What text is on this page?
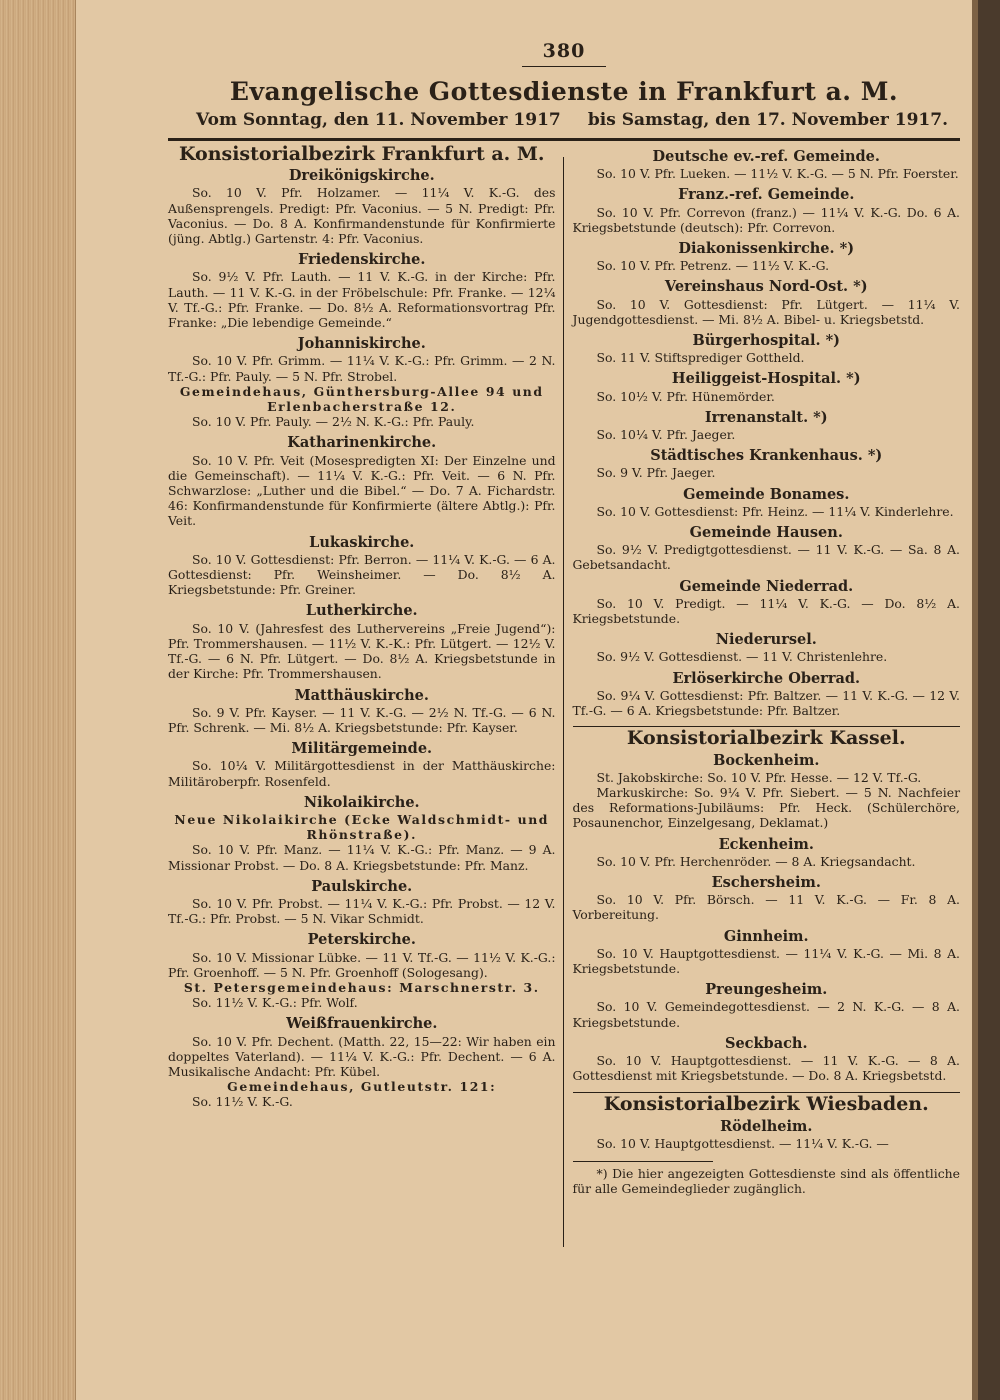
380
Evangelische Gottesdienste in Frankfurt a. M.
Vom Sonntag, den 11. November 1917 bis Samstag, den 17. November 1917.
Konsistorialbezirk Frankfurt a. M.
Dreikönigskirche.

So. 10 V. Pfr. Holzamer. — 11¼ V. K.-G. des Außensprengels. Predigt: Pfr. Vaconius. — 5 N. Predigt: Pfr. Vaconius. — Do. 8 A. Konfirmandenstunde für Konfirmierte (jüng. Abtlg.) Gartenstr. 4: Pfr. Vaconius.

Friedenskirche.

So. 9½ V. Pfr. Lauth. — 11 V. K.-G. in der Kirche: Pfr. Lauth. — 11 V. K.-G. in der Fröbelschule: Pfr. Franke. — 12¼ V. Tf.-G.: Pfr. Franke. — Do. 8½ A. Reformationsvortrag Pfr. Franke: „Die lebendige Gemeinde.“

Johanniskirche.

So. 10 V. Pfr. Grimm. — 11¼ V. K.-G.: Pfr. Grimm. — 2 N. Tf.-G.: Pfr. Pauly. — 5 N. Pfr. Strobel.

Gemeindehaus, Günthersburg-Allee 94 und Erlenbacherstraße 12.

So. 10 V. Pfr. Pauly. — 2½ N. K.-G.: Pfr. Pauly.

Katharinenkirche.

So. 10 V. Pfr. Veit (Mosespredigten XI: Der Einzelne und die Gemeinschaft). — 11¼ V. K.-G.: Pfr. Veit. — 6 N. Pfr. Schwarzlose: „Luther und die Bibel.“ — Do. 7 A. Fichardstr. 46: Konfirmandenstunde für Konfirmierte (ältere Abtlg.): Pfr. Veit.

Lukaskirche.

So. 10 V. Gottesdienst: Pfr. Berron. — 11¼ V. K.-G. — 6 A. Gottesdienst: Pfr. Weinsheimer. — Do. 8½ A. Kriegsbetstunde: Pfr. Greiner.

Lutherkirche.

So. 10 V. (Jahresfest des Luthervereins „Freie Jugend“): Pfr. Trommershausen. — 11½ V. K.-K.: Pfr. Lütgert. — 12½ V. Tf.-G. — 6 N. Pfr. Lütgert. — Do. 8½ A. Kriegsbetstunde in der Kirche: Pfr. Trommershausen.

Matthäuskirche.

So. 9 V. Pfr. Kayser. — 11 V. K.-G. — 2½ N. Tf.-G. — 6 N. Pfr. Schrenk. — Mi. 8½ A. Kriegsbetstunde: Pfr. Kayser.

Militärgemeinde.

So. 10¼ V. Militärgottesdienst in der Matthäuskirche: Militäroberpfr. Rosenfeld.

Nikolaikirche.
Neue Nikolaikirche (Ecke Waldschmidt- und Rhönstraße).

So. 10 V. Pfr. Manz. — 11¼ V. K.-G.: Pfr. Manz. — 9 A. Missionar Probst. — Do. 8 A. Kriegsbetstunde: Pfr. Manz.

Paulskirche.

So. 10 V. Pfr. Probst. — 11¼ V. K.-G.: Pfr. Probst. — 12 V. Tf.-G.: Pfr. Probst. — 5 N. Vikar Schmidt.

Peterskirche.

So. 10 V. Missionar Lübke. — 11 V. Tf.-G. — 11½ V. K.-G.: Pfr. Groenhoff. — 5 N. Pfr. Groenhoff (Sologesang).

St. Petersgemeindehaus: Marschnerstr. 3.

So. 11½ V. K.-G.: Pfr. Wolf.

Weißfrauenkirche.

So. 10 V. Pfr. Dechent. (Matth. 22, 15—22: Wir haben ein doppeltes Vaterland). — 11¼ V. K.-G.: Pfr. Dechent. — 6 A. Musikalische Andacht: Pfr. Kübel.

Gemeindehaus, Gutleutstr. 121:

So. 11½ V. K.-G.

Deutsche ev.-ref. Gemeinde.

So. 10 V. Pfr. Lueken. — 11½ V. K.-G. — 5 N. Pfr. Foerster.

Franz.-ref. Gemeinde.

So. 10 V. Pfr. Correvon (franz.) — 11¼ V. K.-G. Do. 6 A. Kriegsbetstunde (deutsch): Pfr. Correvon.

Diakonissenkirche. *)

So. 10 V. Pfr. Petrenz. — 11½ V. K.-G.

Vereinshaus Nord-Ost. *)

So. 10 V. Gottesdienst: Pfr. Lütgert. — 11¼ V. Jugendgottesdienst. — Mi. 8½ A. Bibel- u. Kriegsbetstd.

Bürgerhospital. *)

So. 11 V. Stiftsprediger Gottheld.

Heiliggeist-Hospital. *)

So. 10½ V. Pfr. Hünemörder.

Irrenanstalt. *)

So. 10¼ V. Pfr. Jaeger.

Städtisches Krankenhaus. *)

So. 9 V. Pfr. Jaeger.

Gemeinde Bonames.

So. 10 V. Gottesdienst: Pfr. Heinz. — 11¼ V. Kinderlehre.

Gemeinde Hausen.

So. 9½ V. Predigtgottesdienst. — 11 V. K.-G. — Sa. 8 A. Gebetsandacht.

Gemeinde Niederrad.

So. 10 V. Predigt. — 11¼ V. K.-G. — Do. 8½ A. Kriegsbetstunde.

Niederursel.

So. 9½ V. Gottesdienst. — 11 V. Christenlehre.

Erlöserkirche Oberrad.

So. 9¼ V. Gottesdienst: Pfr. Baltzer. — 11 V. K.-G. — 12 V. Tf.-G. — 6 A. Kriegsbetstunde: Pfr. Baltzer.

Konsistorialbezirk Kassel.
Bockenheim.

St. Jakobskirche: So. 10 V. Pfr. Hesse. — 12 V. Tf.-G.

Markuskirche: So. 9¼ V. Pfr. Siebert. — 5 N. Nachfeier des Reformations-Jubiläums: Pfr. Heck. (Schülerchöre, Posaunenchor, Einzelgesang, Deklamat.)

Eckenheim.

So. 10 V. Pfr. Herchenröder. — 8 A. Kriegsandacht.

Eschersheim.

So. 10 V. Pfr. Börsch. — 11 V. K.-G. — Fr. 8 A. Vorbereitung.

Ginnheim.

So. 10 V. Hauptgottesdienst. — 11¼ V. K.-G. — Mi. 8 A. Kriegsbetstunde.

Preungesheim.

So. 10 V. Gemeindegottesdienst. — 2 N. K.-G. — 8 A. Kriegsbetstunde.

Seckbach.

So. 10 V. Hauptgottesdienst. — 11 V. K.-G. — 8 A. Gottesdienst mit Kriegsbetstunde. — Do. 8 A. Kriegsbetstd.

Konsistorialbezirk Wiesbaden.
Rödelheim.

So. 10 V. Hauptgottesdienst. — 11¼ V. K.-G. —

*) Die hier angezeigten Gottesdienste sind als öffentliche für alle Gemeindeglieder zugänglich.
